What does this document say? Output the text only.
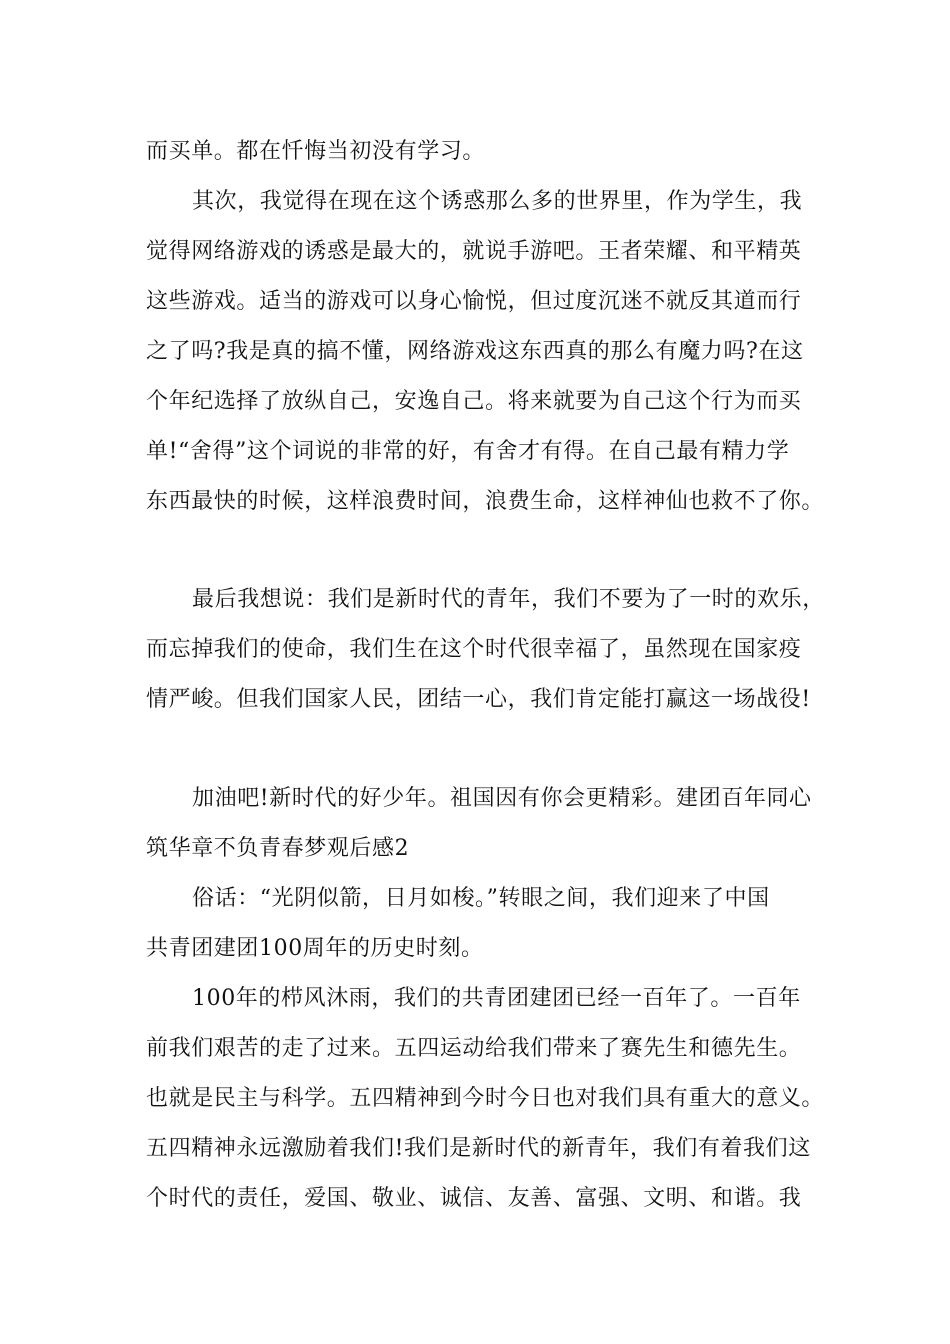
而买单。都在忏悔当初没有学习。
其次，我觉得在现在这个诱惑那么多的世界里，作为学生，我
觉得网络游戏的诱惑是最大的，就说手游吧。王者荣耀、和平精英
这些游戏。适当的游戏可以身心愉悦，但过度沉迷不就反其道而行
之了吗?我是真的搞不懂，网络游戏这东西真的那么有魔力吗?在这
个年纪选择了放纵自己，安逸自己。将来就要为自己这个行为而买
单!“舍得”这个词说的非常的好，有舍才有得。在自己最有精力学
东西最快的时候，这样浪费时间，浪费生命，这样神仙也救不了你。
最后我想说：我们是新时代的青年，我们不要为了一时的欢乐，
而忘掉我们的使命，我们生在这个时代很幸福了，虽然现在国家疫
情严峻。但我们国家人民，团结一心，我们肯定能打赢这一场战役!
加油吧!新时代的好少年。祖国因有你会更精彩。建团百年同心
筑华章不负青春梦观后感2
俗话：“光阴似箭，日月如梭。”转眼之间，我们迎来了中国
共青团建团100周年的历史时刻。
100年的栉风沐雨，我们的共青团建团已经一百年了。一百年
前我们艰苦的走了过来。五四运动给我们带来了赛先生和德先生。
也就是民主与科学。五四精神到今时今日也对我们具有重大的意义。
五四精神永远激励着我们!我们是新时代的新青年，我们有着我们这
个时代的责任，爱国、敬业、诚信、友善、富强、文明、和谐。我
